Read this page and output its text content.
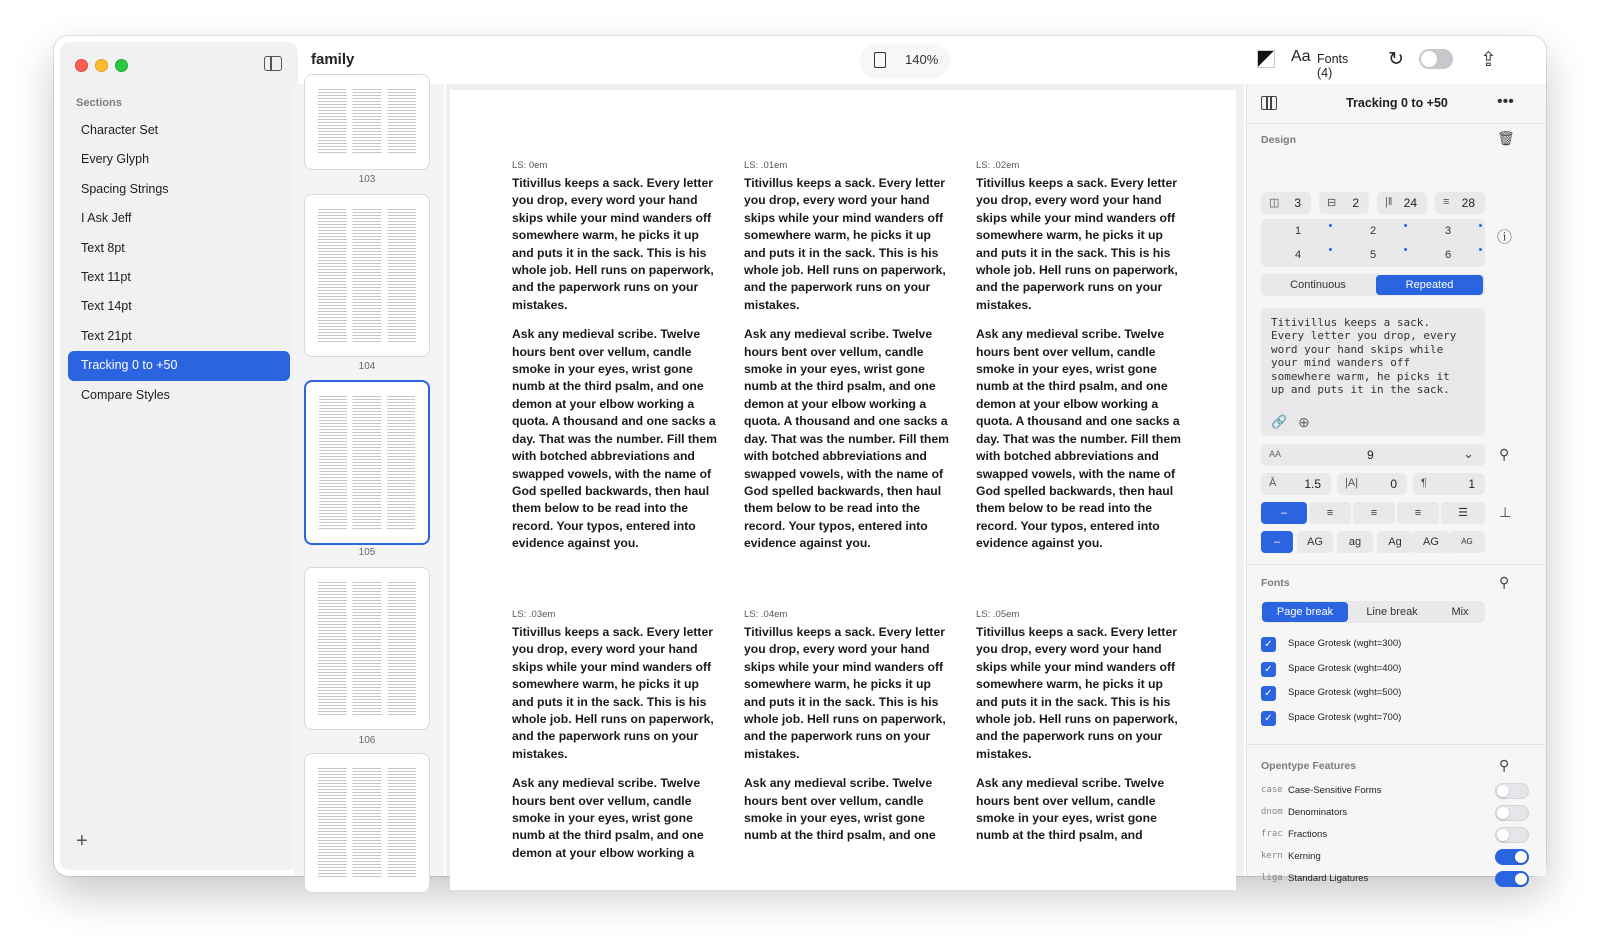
Sections
Character Set
Every Glyph
Spacing Strings
I Ask Jeff
Text 8pt
Text 11pt
Text 14pt
Text 21pt
Tracking 0 to +50
Compare Styles
+
family	140%	Aa Fonts (4)
↻	⇪
103
104
105
106
LS: 0em

Titivillus keeps a sack. Every letter you drop, every word your hand skips while your mind wanders off somewhere warm, he picks it up and puts it in the sack. This is his whole job. Hell runs on paperwork, and the paperwork runs on your mistakes.

Ask any medieval scribe. Twelve hours bent over vellum, candle smoke in your eyes, wrist gone numb at the third psalm, and one demon at your elbow working a quota. A thousand and one sacks a day. That was the number. Fill them with botched abbreviations and swapped vowels, with the name of God spelled backwards, then haul them below to be read into the record. Your typos, entered into evidence against you.

LS: .01em

Titivillus keeps a sack. Every letter you drop, every word your hand skips while your mind wanders off somewhere warm, he picks it up and puts it in the sack. This is his whole job. Hell runs on paperwork, and the paperwork runs on your mistakes.

Ask any medieval scribe. Twelve hours bent over vellum, candle smoke in your eyes, wrist gone numb at the third psalm, and one demon at your elbow working a quota. A thousand and one sacks a day. That was the number. Fill them with botched abbreviations and swapped vowels, with the name of God spelled backwards, then haul them below to be read into the record. Your typos, entered into evidence against you.

LS: .02em

Titivillus keeps a sack. Every letter you drop, every word your hand skips while your mind wanders off somewhere warm, he picks it up and puts it in the sack. This is his whole job. Hell runs on paperwork, and the paperwork runs on your mistakes.

Ask any medieval scribe. Twelve hours bent over vellum, candle smoke in your eyes, wrist gone numb at the third psalm, and one demon at your elbow working a quota. A thousand and one sacks a day. That was the number. Fill them with botched abbreviations and swapped vowels, with the name of God spelled backwards, then haul them below to be read into the record. Your typos, entered into evidence against you.

LS: .03em

Titivillus keeps a sack. Every letter you drop, every word your hand skips while your mind wanders off somewhere warm, he picks it up and puts it in the sack. This is his whole job. Hell runs on paperwork, and the paperwork runs on your mistakes.

Ask any medieval scribe. Twelve hours bent over vellum, candle smoke in your eyes, wrist gone numb at the third psalm, and one demon at your elbow working a

LS: .04em

Titivillus keeps a sack. Every letter you drop, every word your hand skips while your mind wanders off somewhere warm, he picks it up and puts it in the sack. This is his whole job. Hell runs on paperwork, and the paperwork runs on your mistakes.

Ask any medieval scribe. Twelve hours bent over vellum, candle smoke in your eyes, wrist gone numb at the third psalm, and one

LS: .05em

Titivillus keeps a sack. Every letter you drop, every word your hand skips while your mind wanders off somewhere warm, he picks it up and puts it in the sack. This is his whole job. Hell runs on paperwork, and the paperwork runs on your mistakes.

Ask any medieval scribe. Twelve hours bent over vellum, candle smoke in your eyes, wrist gone numb at the third psalm, and

Tracking 0 to +50	•••
Design	🗑
◫ 3 ⊟ 2 |‖ 24 ≡ 28
1	2	3
4	5	6
ⓘ
Continuous	Repeated
Titivillus keeps a sack. Every letter you drop, every word your hand skips while your mind wanders off somewhere warm, he picks it up and puts it in the sack.
🔗 ⊕
AA	9	⌄ ⚲
Ā 1.5 |A|	0 ¶	1
–	≡	≡	≡	☰	⊥
–	AG	ag	Ag	AG	AG
Fonts	⚲
Page break	Line break	Mix
✓	Space Grotesk (wght=300)
✓	Space Grotesk (wght=400)
✓	Space Grotesk (wght=500)
✓	Space Grotesk (wght=700)
Opentype Features	⚲
case Case-Sensitive Forms
dnom Denominators
frac Fractions
kern Kerning
liga Standard Ligatures
